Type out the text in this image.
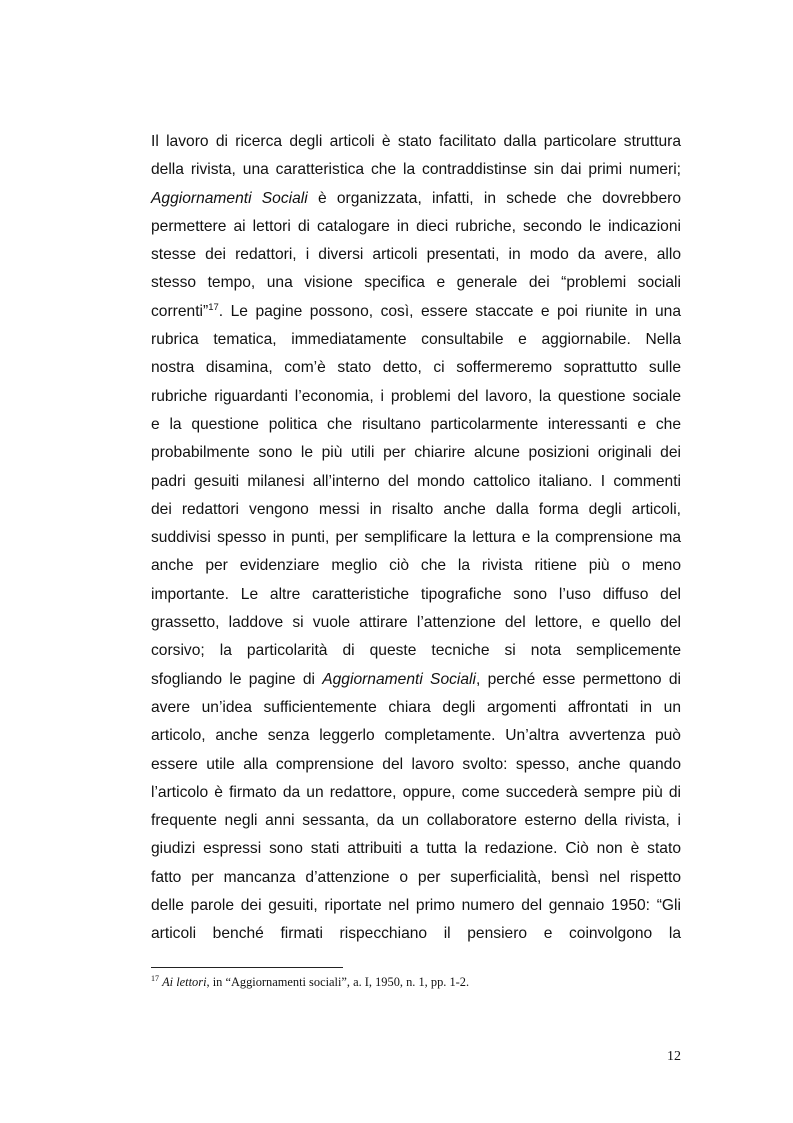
Il lavoro di ricerca degli articoli è stato facilitato dalla particolare struttura
della rivista, una caratteristica che la contraddistinse sin dai primi numeri;
Aggiornamenti Sociali è organizzata, infatti, in schede che dovrebbero
permettere ai lettori di catalogare in dieci rubriche, secondo le indicazioni
stesse dei redattori, i diversi articoli presentati, in modo da avere, allo
stesso tempo, una visione specifica e generale dei “problemi sociali
correnti”$^{17}$. Le pagine possono, così, essere staccate e poi riunite in una
rubrica tematica, immediatamente consultabile e aggiornabile. Nella
nostra disamina, com’è stato detto, ci soffermeremo soprattutto sulle
rubriche riguardanti l’economia, i problemi del lavoro, la questione sociale
e la questione politica che risultano particolarmente interessanti e che
probabilmente sono le più utili per chiarire alcune posizioni originali dei
padri gesuiti milanesi all’interno del mondo cattolico italiano. I commenti
dei redattori vengono messi in risalto anche dalla forma degli articoli,
suddivisi spesso in punti, per semplificare la lettura e la comprensione ma
anche per evidenziare meglio ciò che la rivista ritiene più o meno
importante. Le altre caratteristiche tipografiche sono l’uso diffuso del
grassetto, laddove si vuole attirare l’attenzione del lettore, e quello del
corsivo; la particolarità di queste tecniche si nota semplicemente
sfogliando le pagine di Aggiornamenti Sociali, perché esse permettono di
avere un’idea sufficientemente chiara degli argomenti affrontati in un
articolo, anche senza leggerlo completamente. Un’altra avvertenza può
essere utile alla comprensione del lavoro svolto: spesso, anche quando
l’articolo è firmato da un redattore, oppure, come succederà sempre più di
frequente negli anni sessanta, da un collaboratore esterno della rivista, i
giudizi espressi sono stati attribuiti a tutta la redazione. Ciò non è stato
fatto per mancanza d’attenzione o per superficialità, bensì nel rispetto
delle parole dei gesuiti, riportate nel primo numero del gennaio 1950: “Gli
articoli benché firmati rispecchiano il pensiero e coinvolgono la
$^{17}$ Ai lettori, in “Aggiornamenti sociali”, a. I, 1950, n. 1, pp. 1-2.
12
